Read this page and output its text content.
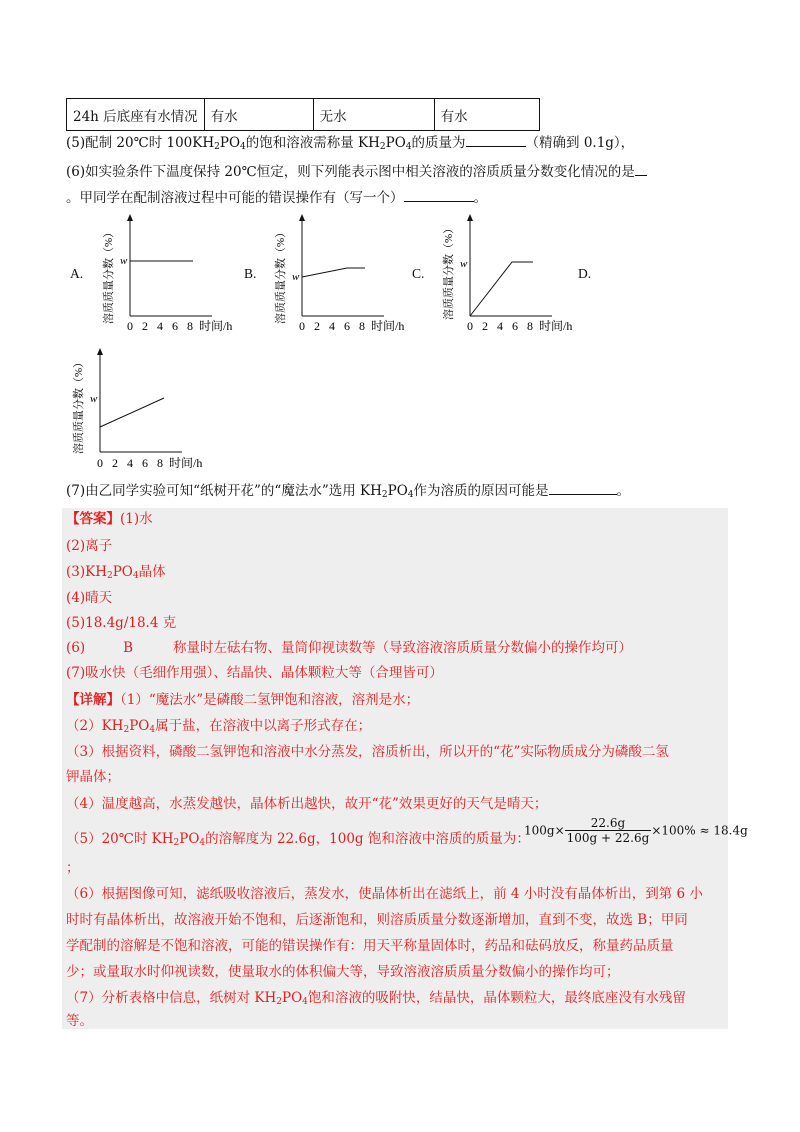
24h 后底座有水情况	有水	无水	有水
(5)配制 20℃时 $100KH_2PO_4$的饱和溶液需称量 $KH_2PO_4$的质量为	（精确到 0.1g），
(6)如实验条件下温度保持 20℃恒定，则下列能表示图中相关溶液的溶质质量分数变化情况的是
。甲同学在配制溶液过程中可能的错误操作有（写一个）	。
A.	B.	C.	D.
溶质质量分数（%） w
0 2 4 6 8 时间/h
溶质质量分数（%） w
0 2 4 6 8 时间/h
溶质质量分数（%） w
0 2 4 6 8 时间/h
溶质质量分数（%） w
0 2 4 6 8 时间/h
(7)由乙同学实验可知“纸树开花”的“魔法水”选用 $KH_2PO_4$作为溶质的原因可能是	。
【答案】(1)水
(2)离子
$(3)KH_2PO_4$晶体
(4)晴天
(5)18.4g/18.4 克
(6)	B	称量时左砝右物、量筒仰视读数等（导致溶液溶质质量分数偏小的操作均可）
(7)吸水快（毛细作用强）、结晶快、晶体颗粒大等（合理皆可）
【详解】（1）“魔法水”是磷酸二氢钾饱和溶液，溶剂是水；
$(2)KH_2PO_4$属于盐，在溶液中以离子形式存在；
（3）根据资料，磷酸二氢钾饱和溶液中水分蒸发，溶质析出，所以开的“花”实际物质成分为磷酸二氢
钾晶体；
（4）温度越高，水蒸发越快，晶体析出越快，故开“花”效果更好的天气是晴天；
（5）20℃时 $KH_2PO_4$的溶解度为 22.6g，100g 饱和溶液中溶质的质量为：
$100g\times \frac{22.6g}{100g + 22.6g} \times 100\% \approx 18.4g$
；
（6）根据图像可知，滤纸吸收溶液后，蒸发水，使晶体析出在滤纸上，前 4 小时没有晶体析出，到第 6 小
时时有晶体析出，故溶液开始不饱和，后逐渐饱和，则溶质质量分数逐渐增加，直到不变，故选 B；甲同
学配制的溶解是不饱和溶液，可能的错误操作有：用天平称量固体时，药品和砝码放反，称量药品质量
少；或量取水时仰视读数，使量取水的体积偏大等，导致溶液溶质质量分数偏小的操作均可；
（7）分析表格中信息，纸树对 $KH_2PO_4$饱和溶液的吸附快，结晶快，晶体颗粒大，最终底座没有水残留
等。
